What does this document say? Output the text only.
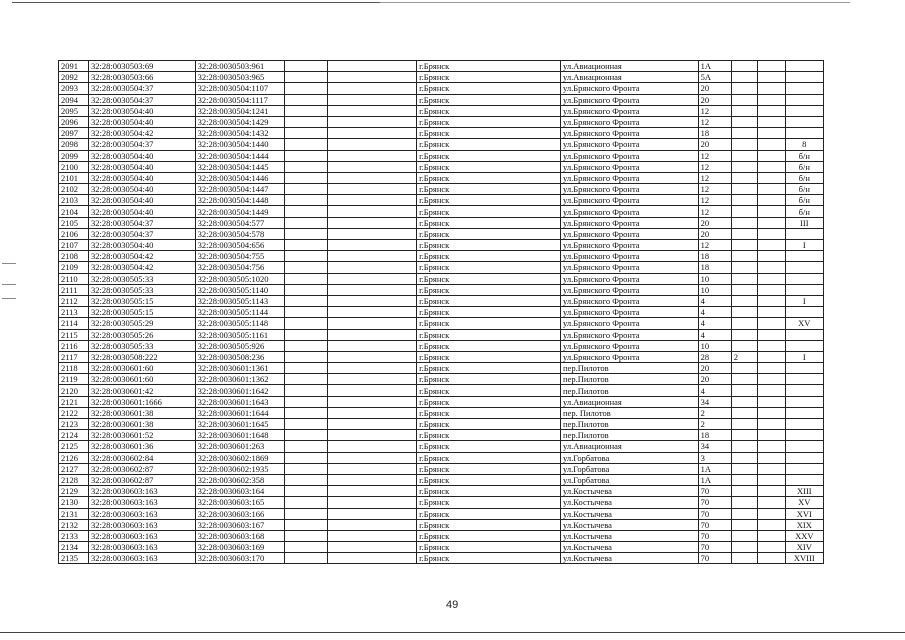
2091	32:28:0030503:69	32:28:0030503:961			г.Брянск	ул.Авиационная	1А			
2092	32:28:0030503:66	32:28:0030503:965			г.Брянск	ул.Авиационная	5А			
2093	32:28:0030504:37	32:28:0030504:1107			г.Брянск	ул.Брянского Фронта	20			
2094	32:28:0030504:37	32:28:0030504:1117			г.Брянск	ул.Брянского Фронта	20			
2095	32:28:0030504:40	32:28:0030504:1241			г.Брянск	ул.Брянского Фронта	12			
2096	32:28:0030504:40	32:28:0030504:1429			г.Брянск	ул.Брянского Фронта	12			
2097	32:28:0030504:42	32:28:0030504:1432			г.Брянск	ул.Брянского Фронта	18			
2098	32:28:0030504:37	32:28:0030504:1440			г.Брянск	ул.Брянского Фронта	20			8
2099	32:28:0030504:40	32:28:0030504:1444			г.Брянск	ул.Брянского Фронта	12			б/н
2100	32:28:0030504:40	32:28:0030504:1445			г.Брянск	ул.Брянского Фронта	12			б/н
2101	32:28:0030504:40	32:28:0030504:1446			г.Брянск	ул.Брянского Фронта	12			б/н
2102	32:28:0030504:40	32:28:0030504:1447			г.Брянск	ул.Брянского Фронта	12			б/н
2103	32:28:0030504:40	32:28:0030504:1448			г.Брянск	ул.Брянского Фронта	12			б/н
2104	32:28:0030504:40	32:28:0030504:1449			г.Брянск	ул.Брянского Фронта	12			б/н
2105	32:28:0030504:37	32:28:0030504:577			г.Брянск	ул.Брянского Фронта	20			III
2106	32:28:0030504:37	32:28:0030504:578			г.Брянск	ул.Брянского Фронта	20			
2107	32:28:0030504:40	32:28:0030504:656			г.Брянск	ул.Брянского Фронта	12			I
2108	32:28:0030504:42	32:28:0030504:755			г.Брянск	ул.Брянского Фронта	18			
2109	32:28:0030504:42	32:28:0030504:756			г.Брянск	ул.Брянского Фронта	18			
2110	32:28:0030505:33	32:28:0030505:1020			г.Брянск	ул.Брянского Фронта	10			
2111	32:28:0030505:33	32:28:0030505:1140			г.Брянск	ул.Брянского Фронта	10			
2112	32:28:0030505:15	32:28:0030505:1143			г.Брянск	ул.Брянского Фронта	4			I
2113	32:28:0030505:15	32:28:0030505:1144			г.Брянск	ул.Брянского Фронта	4			
2114	32:28:0030505:29	32:28:0030505:1148			г.Брянск	ул.Брянского Фронта	4			XV
2115	32:28:0030505:26	32:28:0030505:1161			г.Брянск	ул.Брянского Фронта	4			
2116	32:28:0030505:33	32:28:0030505:926			г.Брянск	ул.Брянского Фронта	10			
2117	32:28:0030508:222	32:28:0030508:236			г.Брянск	ул.Брянского Фронта	28	2		I
2118	32:28:0030601:60	32:28:0030601:1361			г.Брянск	пер.Пилотов	20			
2119	32:28:0030601:60	32:28:0030601:1362			г.Брянск	пер.Пилотов	20			
2120	32:28:0030601:42	32:28:0030601:1642			г.Брянск	пер.Пилотов	4			
2121	32:28:0030601:1666	32:28:0030601:1643			г.Брянск	ул.Авиационная	34			
2122	32:28:0030601:38	32:28:0030601:1644			г.Брянск	пер. Пилотов	2			
2123	32:28:0030601:38	32:28:0030601:1645			г.Брянск	пер.Пилотов	2			
2124	32:28:0030601:52	32:28:0030601:1648			г.Брянск	пер.Пилотов	18			
2125	32:28:0030601:36	32:28:0030601:263			г.Брянск	ул.Авиационная	34			
2126	32:28:0030602:84	32:28:0030602:1869			г.Брянск	ул.Горбатова	3			
2127	32:28:0030602:87	32:28:0030602:1935			г.Брянск	ул.Горбатова	1А			
2128	32:28:0030602:87	32:28:0030602:358			г.Брянск	ул.Горбатова	1А			
2129	32:28:0030603:163	32:28:0030603:164			г.Брянск	ул.Костычева	70			XIII
2130	32:28:0030603:163	32:28:0030603:165			г.Брянск	ул.Костычева	70			XV
2131	32:28:0030603:163	32:28:0030603:166			г.Брянск	ул.Костычева	70			XVI
2132	32:28:0030603:163	32:28:0030603:167			г.Брянск	ул.Костычева	70			XIX
2133	32:28:0030603:163	32:28:0030603:168			г.Брянск	ул.Костычева	70			XXV
2134	32:28:0030603:163	32:28:0030603:169			г.Брянск	ул.Костычева	70			XIV
2135	32:28:0030603:163	32:28:0030603:170			г.Брянск	ул.Костычева	70			XVIII
49
